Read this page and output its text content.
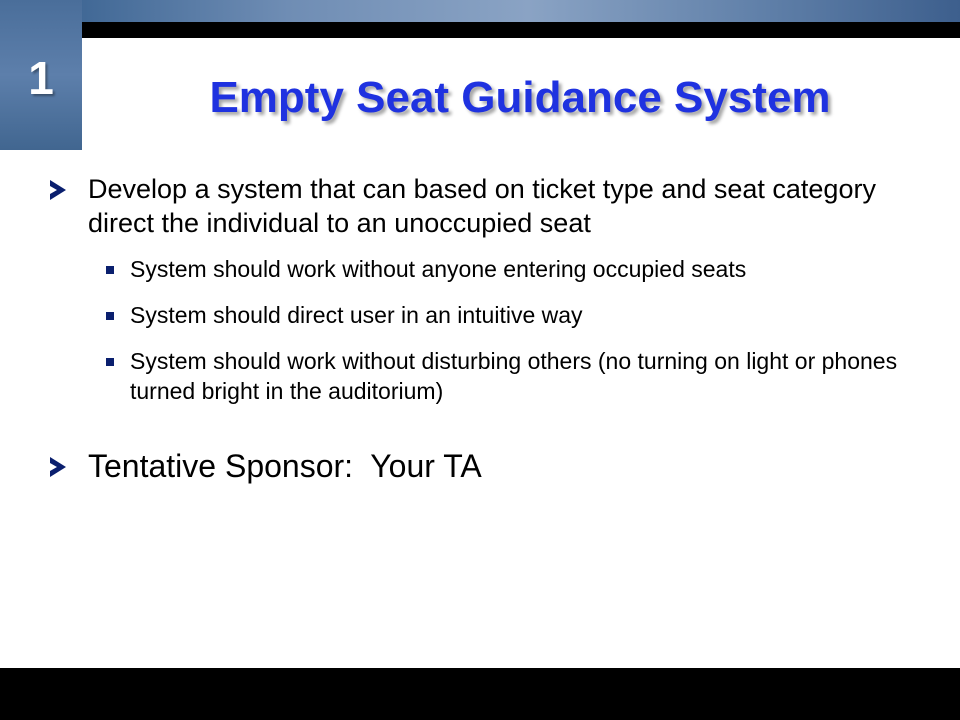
1	Empty Seat Guidance System

Develop a system that can based on ticket type and seat category direct the individual to an unoccupied seat

System should work without anyone entering occupied seats

System should direct user in an intuitive way

System should work without disturbing others (no turning on light or phones turned bright in the auditorium)

Tentative Sponsor:  Your TA
